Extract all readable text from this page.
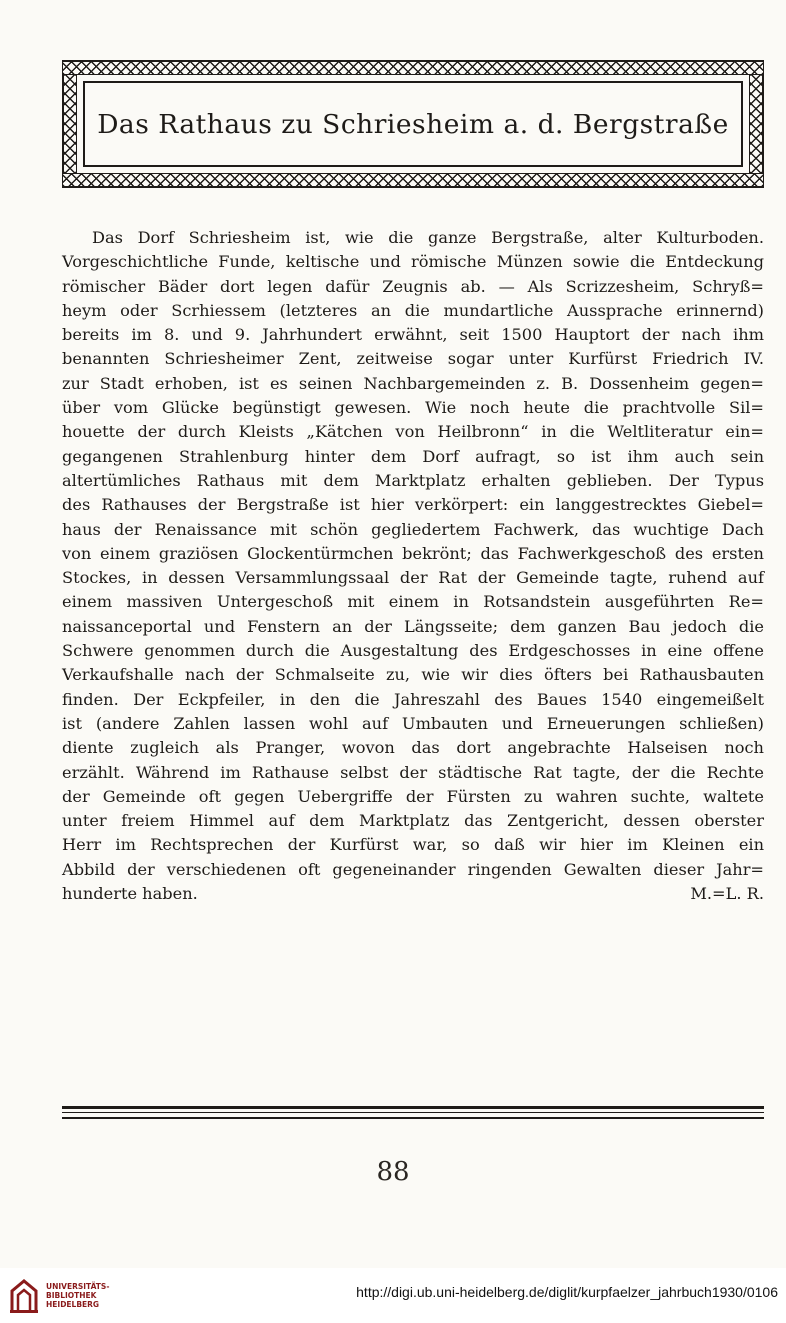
Das Rathaus zu Schriesheim a. d. Bergstraße
Das Dorf Schriesheim ist, wie die ganze Bergstraße, alter Kulturboden.
Vorgeschichtliche Funde, keltische und römische Münzen sowie die Entdeckung
römischer Bäder dort legen dafür Zeugnis ab. — Als Scrizzesheim, Schryß=
heym oder Scrhiessem (letzteres an die mundartliche Aussprache erinnernd)
bereits im 8. und 9. Jahrhundert erwähnt, seit 1500 Hauptort der nach ihm
benannten Schriesheimer Zent, zeitweise sogar unter Kurfürst Friedrich IV.
zur Stadt erhoben, ist es seinen Nachbargemeinden z. B. Dossenheim gegen=
über vom Glücke begünstigt gewesen. Wie noch heute die prachtvolle Sil=
houette der durch Kleists „Kätchen von Heilbronn“ in die Weltliteratur ein=
gegangenen Strahlenburg hinter dem Dorf aufragt, so ist ihm auch sein
altertümliches Rathaus mit dem Marktplatz erhalten geblieben. Der Typus
des Rathauses der Bergstraße ist hier verkörpert: ein langgestrecktes Giebel=
haus der Renaissance mit schön gegliedertem Fachwerk, das wuchtige Dach
von einem graziösen Glockentürmchen bekrönt; das Fachwerkgeschoß des ersten
Stockes, in dessen Versammlungssaal der Rat der Gemeinde tagte, ruhend auf
einem massiven Untergeschoß mit einem in Rotsandstein ausgeführten Re=
naissanceportal und Fenstern an der Längsseite; dem ganzen Bau jedoch die
Schwere genommen durch die Ausgestaltung des Erdgeschosses in eine offene
Verkaufshalle nach der Schmalseite zu, wie wir dies öfters bei Rathausbauten
finden. Der Eckpfeiler, in den die Jahreszahl des Baues 1540 eingemeißelt
ist (andere Zahlen lassen wohl auf Umbauten und Erneuerungen schließen)
diente zugleich als Pranger, wovon das dort angebrachte Halseisen noch
erzählt. Während im Rathause selbst der städtische Rat tagte, der die Rechte
der Gemeinde oft gegen Uebergriffe der Fürsten zu wahren suchte, waltete
unter freiem Himmel auf dem Marktplatz das Zentgericht, dessen oberster
Herr im Rechtsprechen der Kurfürst war, so daß wir hier im Kleinen ein
Abbild der verschiedenen oft gegeneinander ringenden Gewalten dieser Jahr=
hunderte haben.	M.=L. R.
88
UNIVERSITÄTS-
BIBLIOTHEK
HEIDELBERG
http://digi.ub.uni-heidelberg.de/diglit/kurpfaelzer_jahrbuch1930/0106
